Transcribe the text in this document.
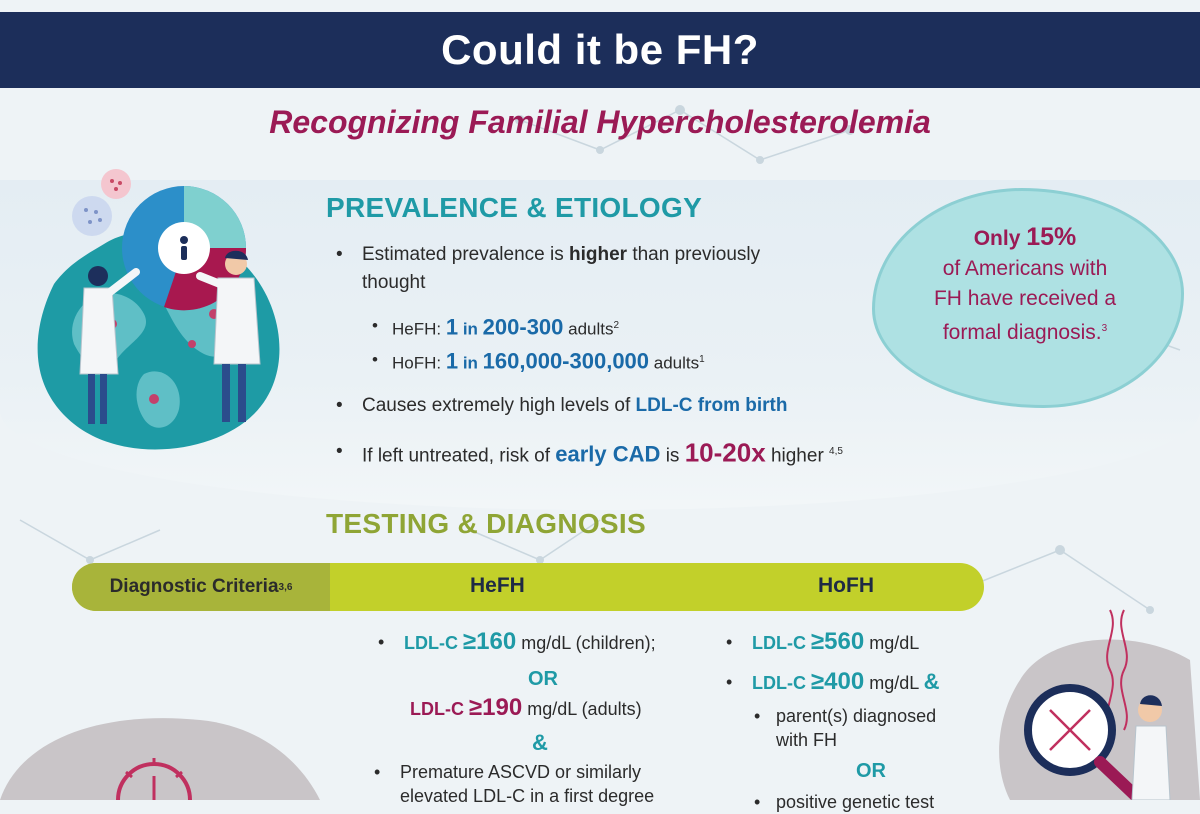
Could it be FH?
Recognizing Familial Hypercholesterolemia
PREVALENCE & ETIOLOGY
• Estimated prevalence is higher than previously thought
• HeFH: 1 in 200-300 adults$^2$
• HoFH: 1 in 160,000-300,000 adults$^1$
• Causes extremely high levels of LDL-C from birth
• If left untreated, risk of early CAD is 10-20x higher $^{4,5}$
Only 15%
of Americans with
FH have received a
formal diagnosis.$^3$
TESTING & DIAGNOSIS
Diagnostic Criteria 3,6	HeFH	HoFH
• LDL-C ≥160 mg/dL (children);
OR
LDL-C ≥190 mg/dL (adults)
&
• Premature ASCVD or similarly
elevated LDL-C in a first degree
• LDL-C ≥560 mg/dL
• LDL-C ≥400 mg/dL &
• parent(s) diagnosed
with FH
OR
• positive genetic test
